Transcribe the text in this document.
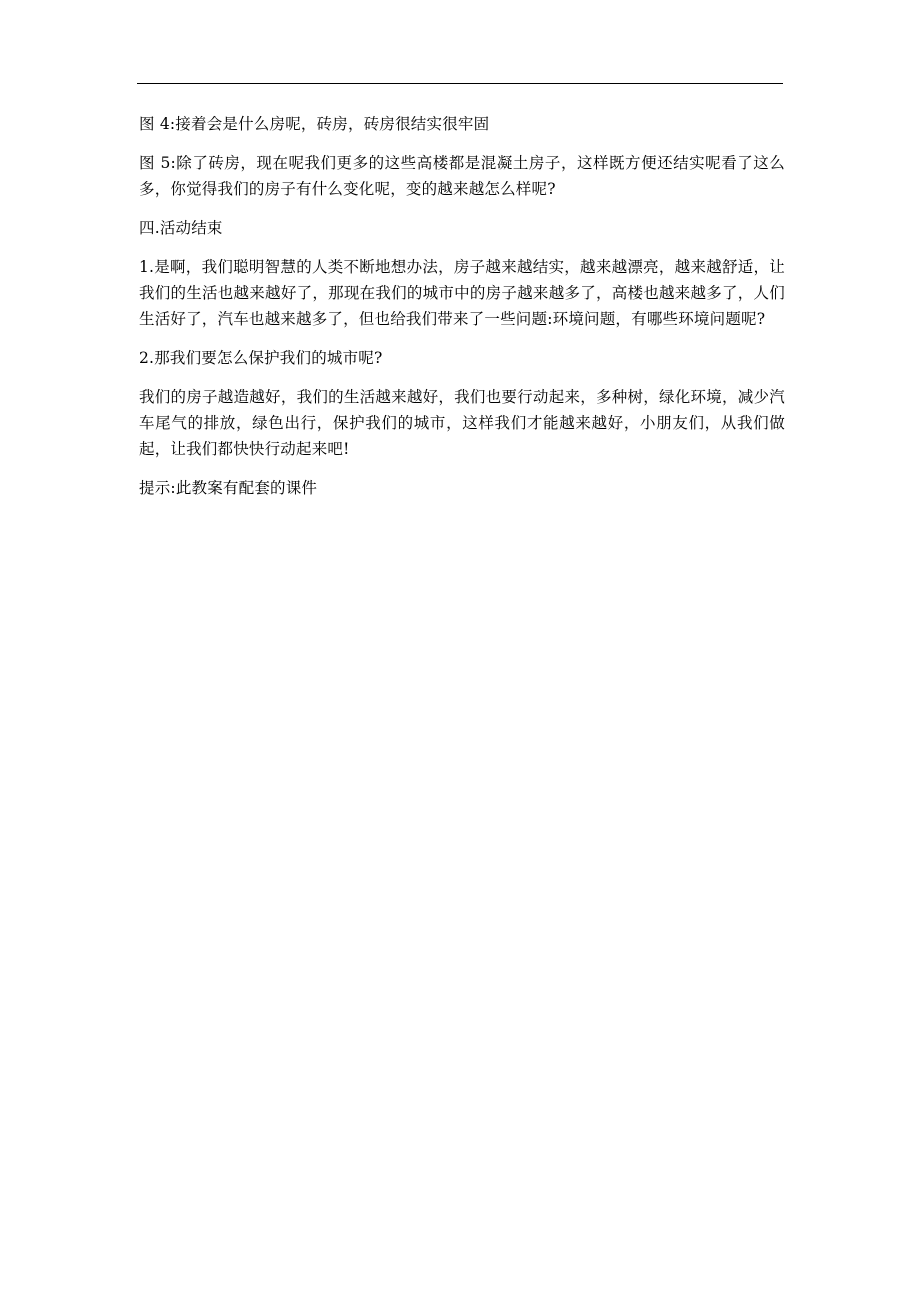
图 4:接着会是什么房呢，砖房，砖房很结实很牢固

图 5:除了砖房，现在呢我们更多的这些高楼都是混凝土房子，这样既方便还结实呢看了这么多，你觉得我们的房子有什么变化呢，变的越来越怎么样呢?

四.活动结束

1.是啊，我们聪明智慧的人类不断地想办法，房子越来越结实，越来越漂亮，越来越舒适，让我们的生活也越来越好了，那现在我们的城市中的房子越来越多了，高楼也越来越多了，人们生活好了，汽车也越来越多了，但也给我们带来了一些问题:环境问题，有哪些环境问题呢?

2.那我们要怎么保护我们的城市呢?

我们的房子越造越好，我们的生活越来越好，我们也要行动起来，多种树，绿化环境，减少汽车尾气的排放，绿色出行，保护我们的城市，这样我们才能越来越好，小朋友们，从我们做起，让我们都快快行动起来吧!

提示:此教案有配套的课件
